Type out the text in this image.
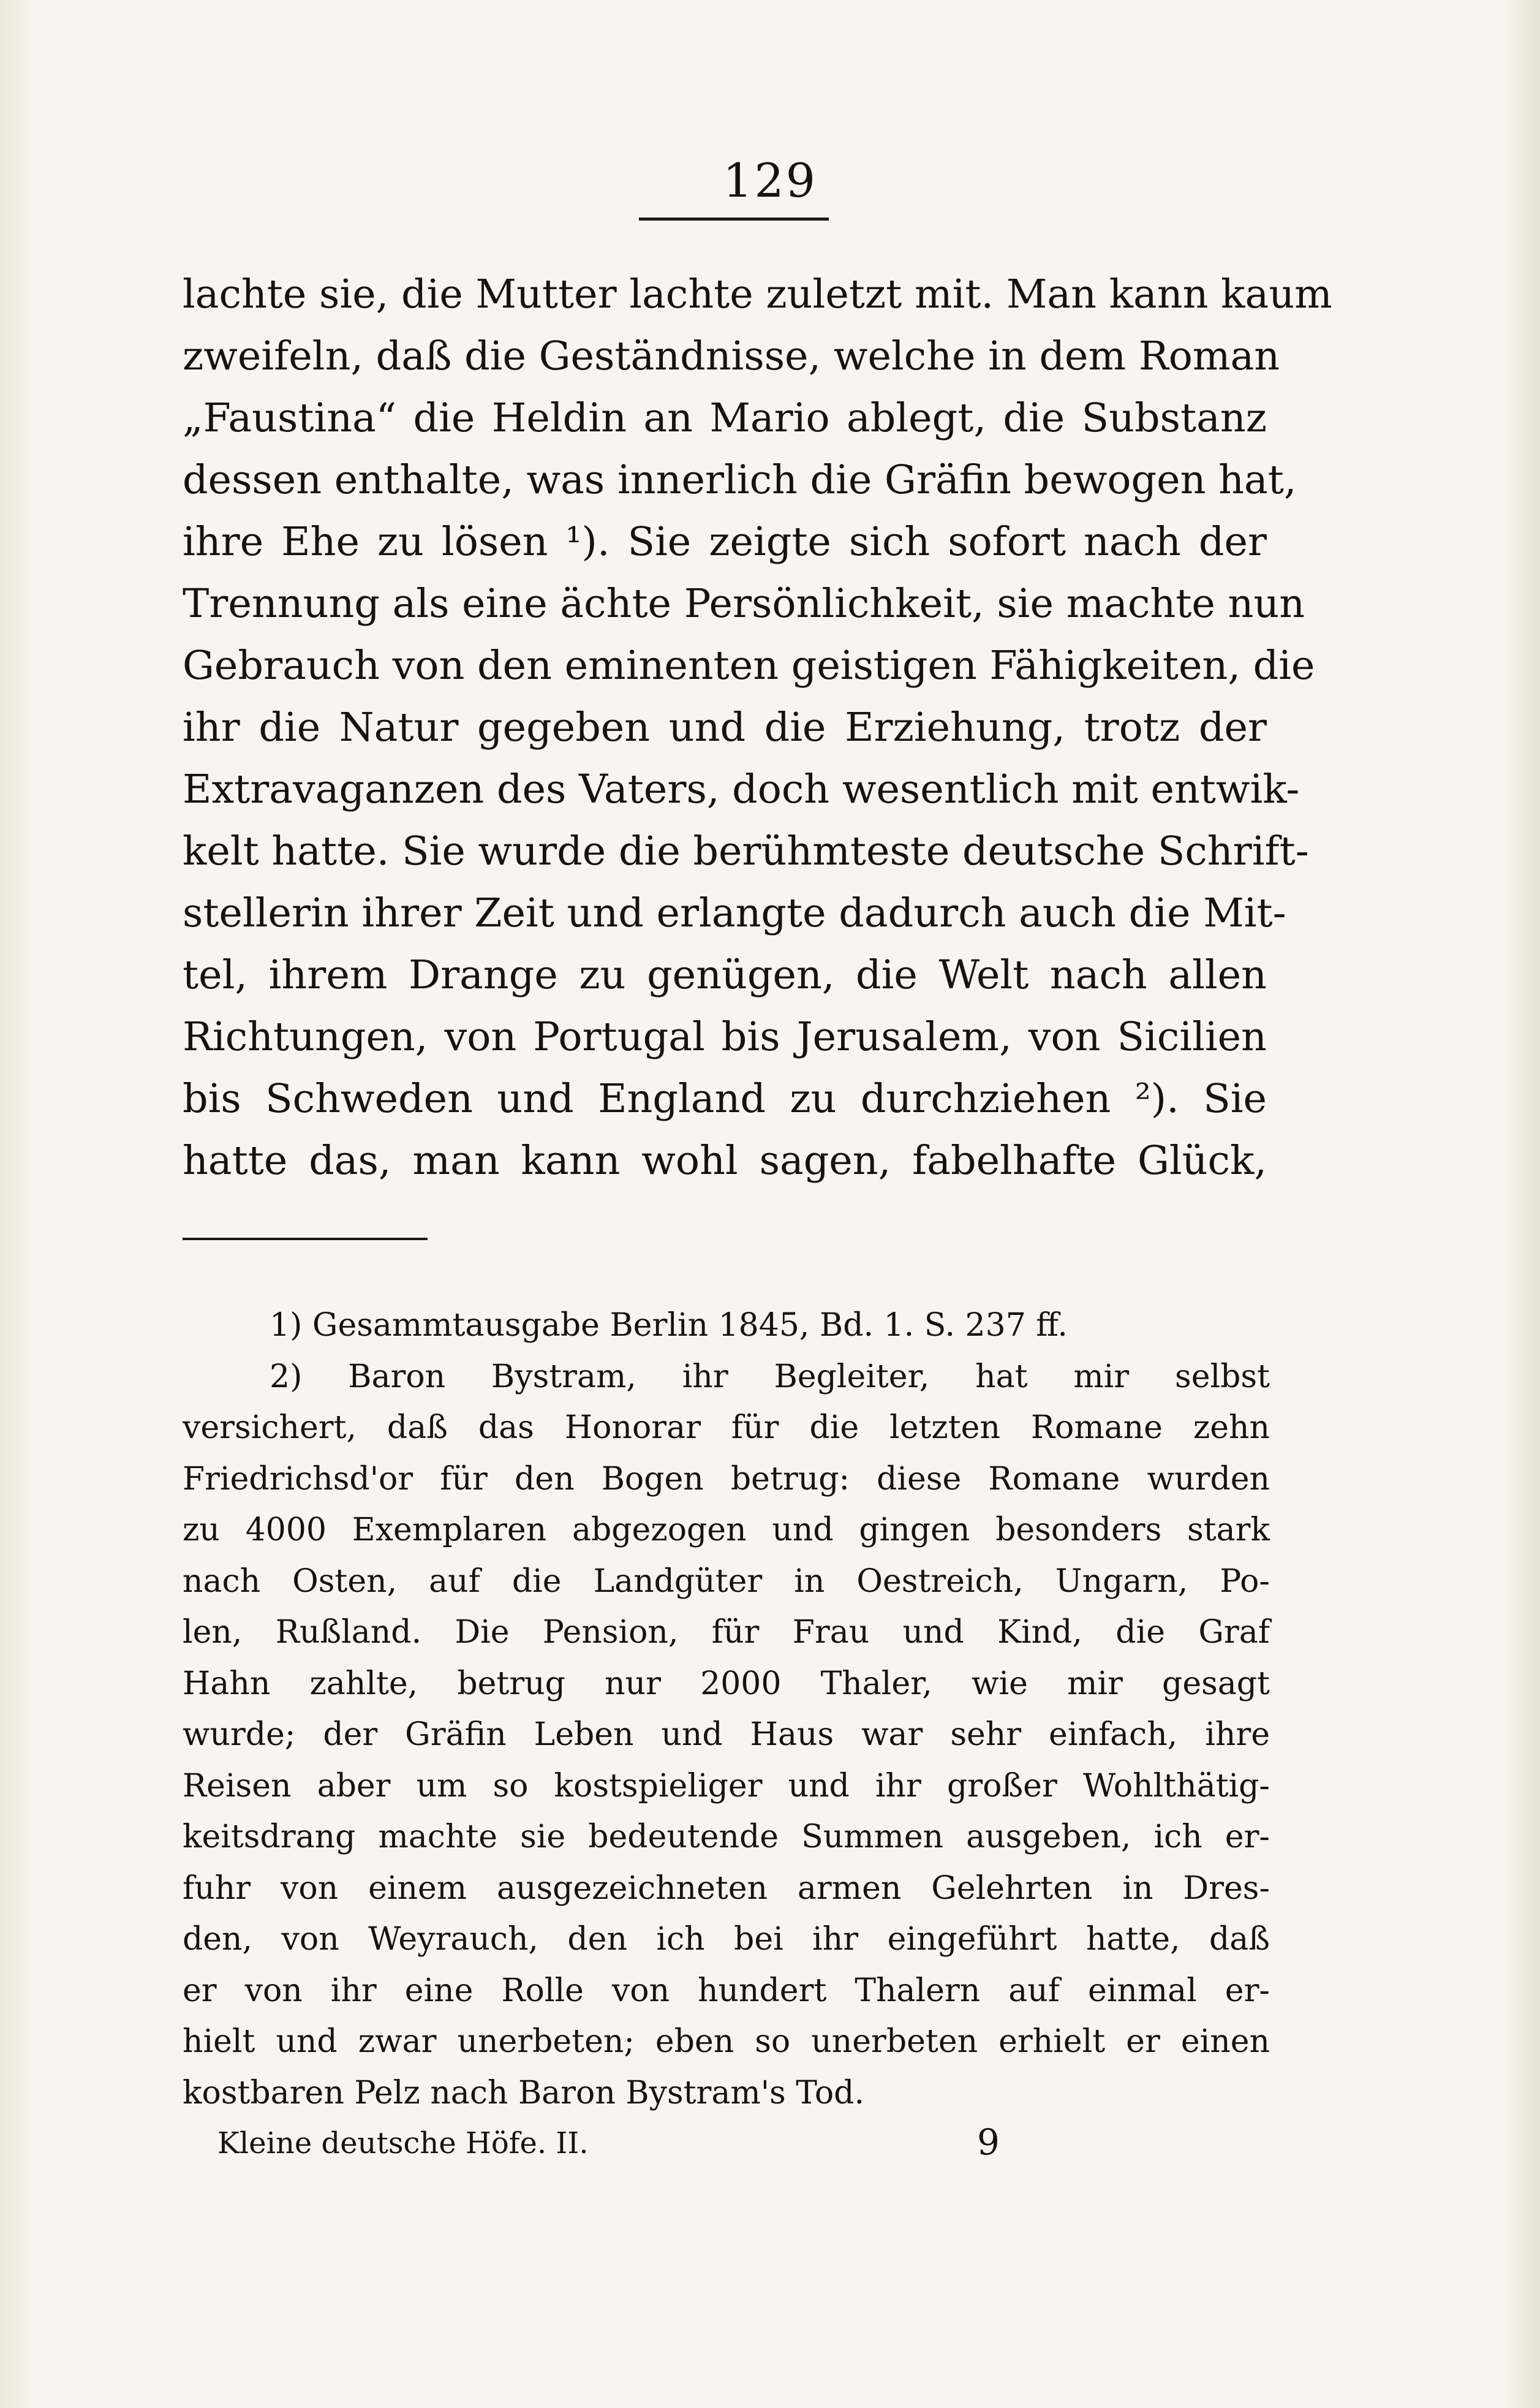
129
lachte sie, die Mutter lachte zuletzt mit. Man kann kaum
zweifeln, daß die Geständnisse, welche in dem Roman
„Faustina“ die Heldin an Mario ablegt, die Substanz
dessen enthalte, was innerlich die Gräfin bewogen hat,
ihre Ehe zu lösen ¹). Sie zeigte sich sofort nach der
Trennung als eine ächte Persönlichkeit, sie machte nun
Gebrauch von den eminenten geistigen Fähigkeiten, die
ihr die Natur gegeben und die Erziehung, trotz der
Extravaganzen des Vaters, doch wesentlich mit entwik-
kelt hatte. Sie wurde die berühmteste deutsche Schrift-
stellerin ihrer Zeit und erlangte dadurch auch die Mit-
tel, ihrem Drange zu genügen, die Welt nach allen
Richtungen, von Portugal bis Jerusalem, von Sicilien
bis Schweden und England zu durchziehen ²). Sie
hatte das, man kann wohl sagen, fabelhafte Glück,
1) Gesammtausgabe Berlin 1845, Bd. 1. S. 237 ff.
2) Baron Bystram, ihr Begleiter, hat mir selbst
versichert, daß das Honorar für die letzten Romane zehn
Friedrichsd'or für den Bogen betrug: diese Romane wurden
zu 4000 Exemplaren abgezogen und gingen besonders stark
nach Osten, auf die Landgüter in Oestreich, Ungarn, Po-
len, Rußland. Die Pension, für Frau und Kind, die Graf
Hahn zahlte, betrug nur 2000 Thaler, wie mir gesagt
wurde; der Gräfin Leben und Haus war sehr einfach, ihre
Reisen aber um so kostspieliger und ihr großer Wohlthätig-
keitsdrang machte sie bedeutende Summen ausgeben, ich er-
fuhr von einem ausgezeichneten armen Gelehrten in Dres-
den, von Weyrauch, den ich bei ihr eingeführt hatte, daß
er von ihr eine Rolle von hundert Thalern auf einmal er-
hielt und zwar unerbeten; eben so unerbeten erhielt er einen
kostbaren Pelz nach Baron Bystram's Tod.
Kleine deutsche Höfe. II.	9
